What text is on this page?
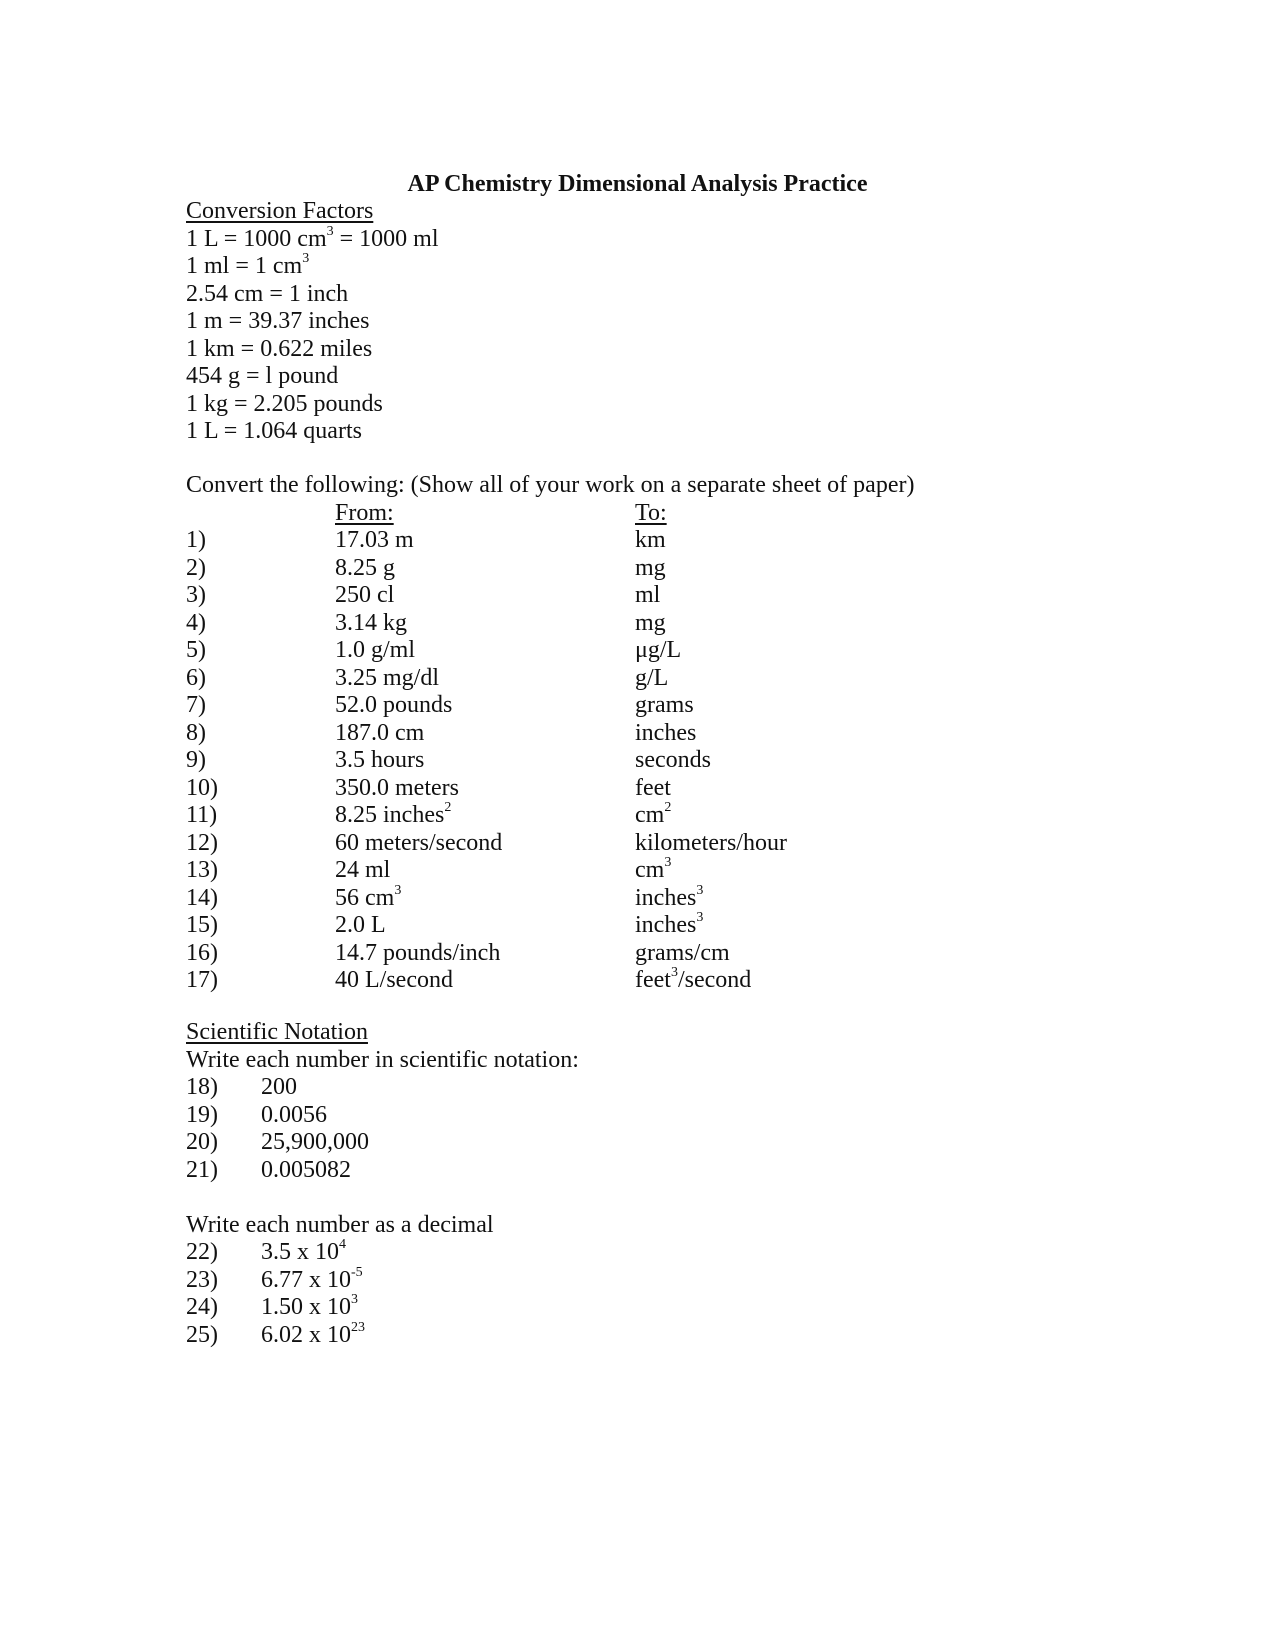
AP Chemistry Dimensional Analysis Practice
Conversion Factors
1 L = 1000 $cm^3 = 1000$ ml
1 ml = 1 $cm^3$
2.54 cm = 1 inch
1 m = 39.37 inches
1 km = 0.622 miles
454 g = l pound
1 kg = 2.205 pounds
1 L = 1.064 quarts
Convert the following: (Show all of your work on a separate sheet of paper)
From:	To:
1)	17.03 m	km
2)	8.25 g	mg
3)	250 cl	ml
4)	3.14 kg	mg
5)	1.0 g/ml	μg/L
6)	3.25 mg/dl	g/L
7)	52.0 pounds	grams
8)	187.0 cm	inches
9)	3.5 hours	seconds
10)	350.0 meters	feet
11)	8.25 inches$^2$	$cm^2$
12)	60 meters/second	kilometers/hour
13)	24 ml	$cm^3$
14)	56 $cm^3$	inches$^3$
15)	2.0 L	inches$^3$
16)	14.7 pounds/inch	grams/cm
17)	40 L/second	feet$^3$/second
Scientific Notation
Write each number in scientific notation:
18) 200
19) 0.0056
20) 25,900,000
21) 0.005082
Write each number as a decimal
22) 3.5 x $10^4$
23) 6.77 x $10^{-5}$
24) 1.50 x $10^3$
25) 6.02 x $10^{23}$
